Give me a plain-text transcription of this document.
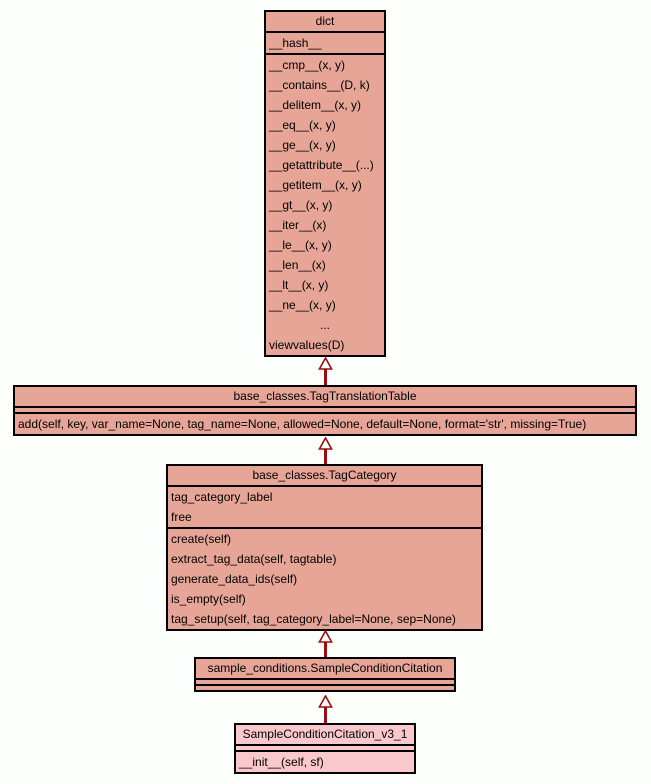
dict
__hash__
__cmp__(x, y)
__contains__(D, k)
__delitem__(x, y)
__eq__(x, y)
__ge__(x, y)
__getattribute__(...)
__getitem__(x, y)
__gt__(x, y)
__iter__(x)
__le__(x, y)
__len__(x)
__lt__(x, y)
__ne__(x, y)
...
viewvalues(D)
base_classes.TagTranslationTable
add(self, key, var_name=None, tag_name=None, allowed=None, default=None, format='str', missing=True)
base_classes.TagCategory
tag_category_label
free
create(self)
extract_tag_data(self, tagtable)
generate_data_ids(self)
is_empty(self)
tag_setup(self, tag_category_label=None, sep=None)
sample_conditions.SampleConditionCitation
SampleConditionCitation_v3_1
__init__(self, sf)
